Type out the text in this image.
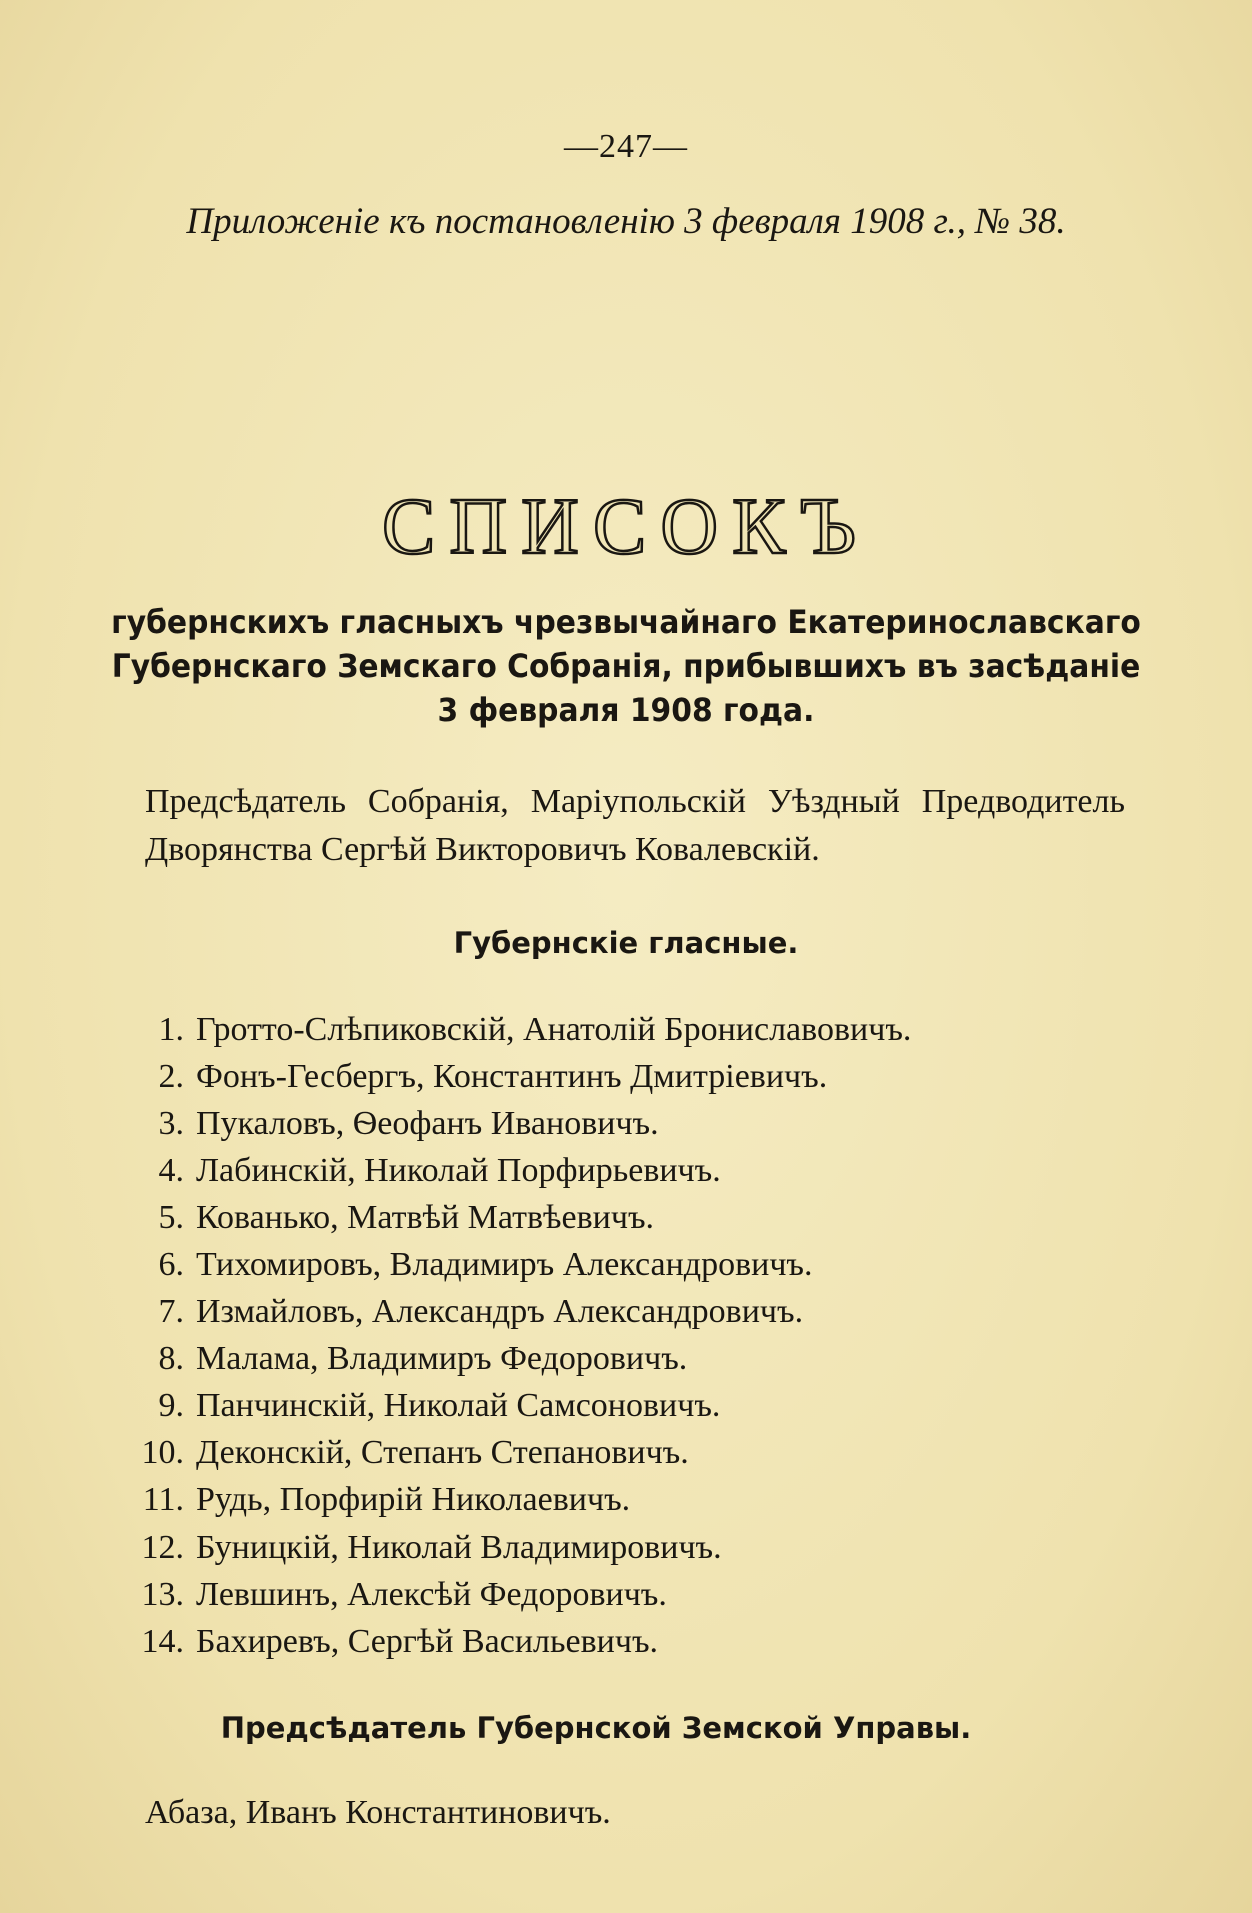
—247—
Приложенiе къ постановленiю 3 февраля 1908 г., № 38.
СПИСОКЪ
губернскихъ гласныхъ чрезвычайнаго Екатеринославскаго
Губернскаго Земскаго Собранiя, прибывшихъ въ засѣданiе
3 февраля 1908 года.
Предсѣдатель Собранiя, Марiупольскiй Уѣздный Предводитель Дворянства Сергѣй Викторовичъ Ковалевскiй.
Губернскiе гласные.
1. Гротто-Слѣпиковскiй, Анатолiй Брониславовичъ.
2. Фонъ-Гесбергъ, Константинъ Дмитрiевичъ.
3. Пукаловъ, Ѳеофанъ Ивановичъ.
4. Лабинскiй, Николай Порфирьевичъ.
5. Кованько, Матвѣй Матвѣевичъ.
6. Тихомировъ, Владимиръ Александровичъ.
7. Измайловъ, Александръ Александровичъ.
8. Малама, Владимиръ Федоровичъ.
9. Панчинскiй, Николай Самсоновичъ.
10. Деконскiй, Степанъ Степановичъ.
11. Рудь, Порфирiй Николаевичъ.
12. Буницкiй, Николай Владимировичъ.
13. Левшинъ, Алексѣй Федоровичъ.
14. Бахиревъ, Сергѣй Васильевичъ.
Предсѣдатель Губернской Земской Управы.
Абаза, Иванъ Константиновичъ.
